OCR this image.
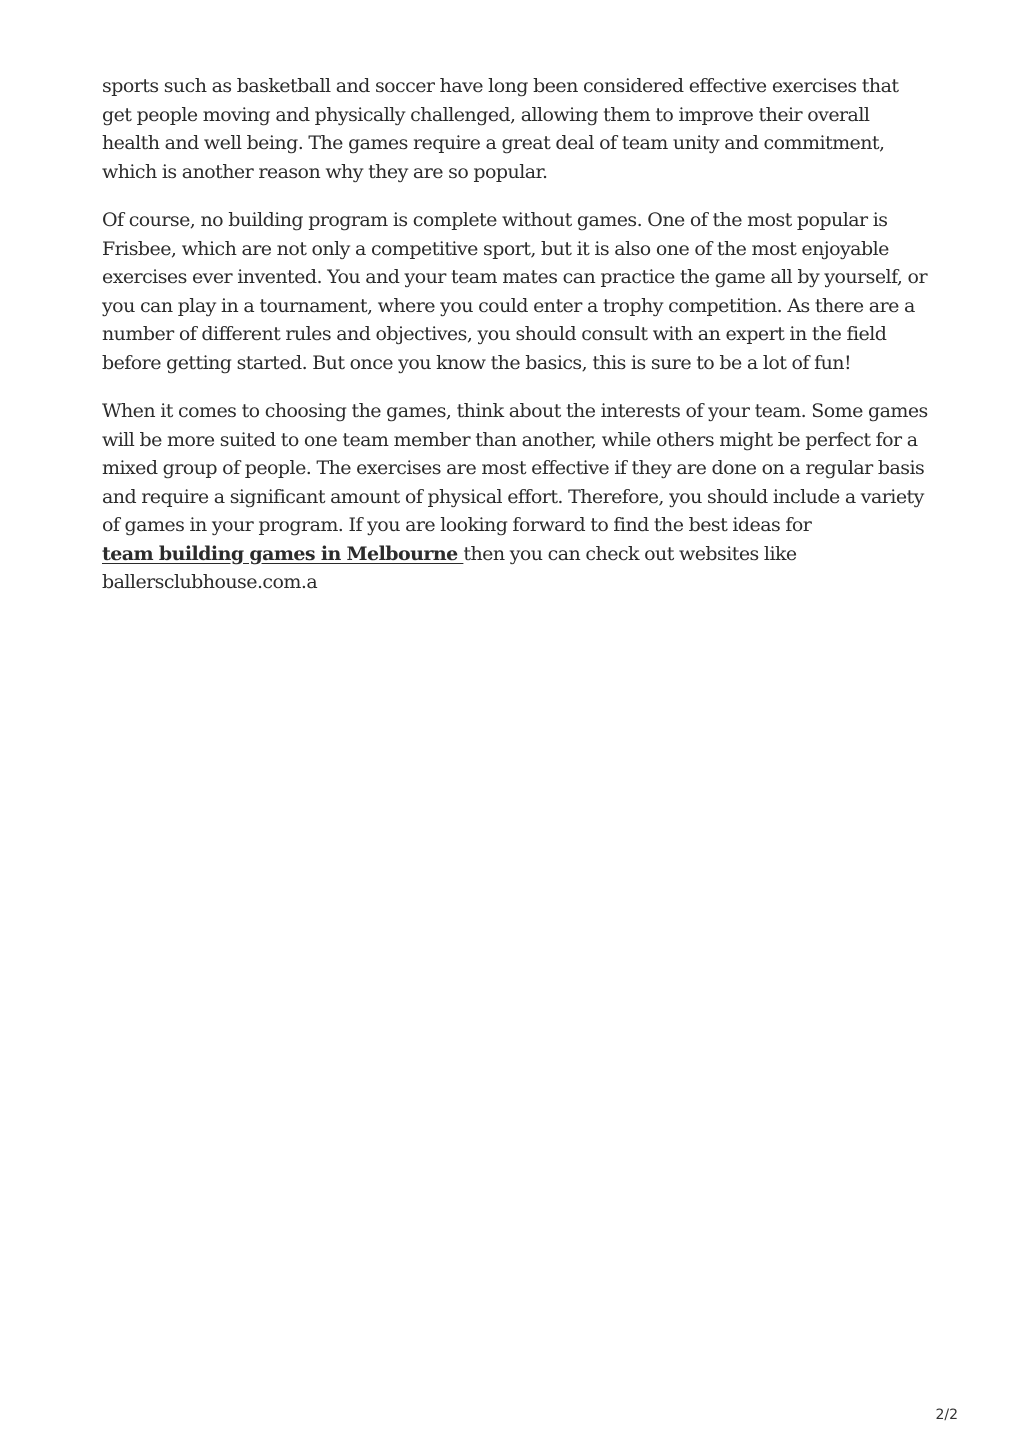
sports such as basketball and soccer have long been considered effective exercises that get people moving and physically challenged, allowing them to improve their overall health and well being. The games require a great deal of team unity and commitment, which is another reason why they are so popular.

Of course, no building program is complete without games. One of the most popular is Frisbee, which are not only a competitive sport, but it is also one of the most enjoyable exercises ever invented. You and your team mates can practice the game all by yourself, or you can play in a tournament, where you could enter a trophy competition. As there are a number of different rules and objectives, you should consult with an expert in the field before getting started. But once you know the basics, this is sure to be a lot of fun!

When it comes to choosing the games, think about the interests of your team. Some games will be more suited to one team member than another, while others might be perfect for a mixed group of people. The exercises are most effective if they are done on a regular basis and require a significant amount of physical effort. Therefore, you should include a variety of games in your program. If you are looking forward to find the best ideas for
team building games in Melbourne then you can check out websites like ballersclubhouse.com.a

2/2
